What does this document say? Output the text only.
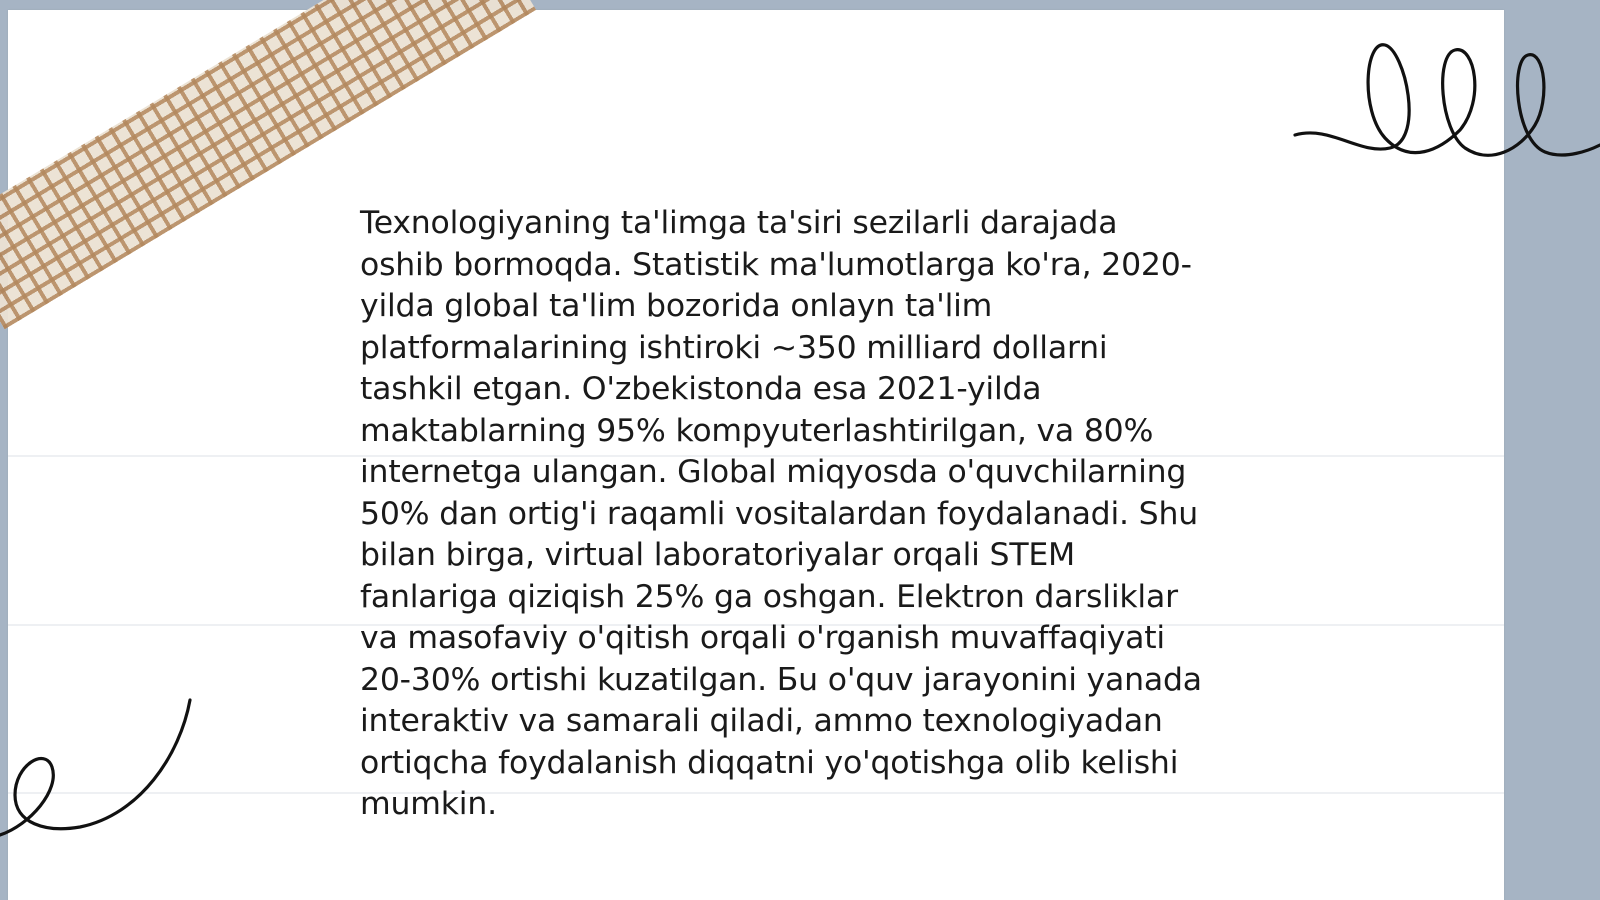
Texnologiyaning ta'limga ta'siri sezilarli darajada
oshib bormoqda. Statistik ma'lumotlarga ko'ra, 2020-
yilda global ta'lim bozorida onlayn ta'lim
platformalarining ishtiroki ~350 milliard dollarni
tashkil etgan. O'zbekistonda esa 2021-yilda
maktablarning 95% kompyuterlashtirilgan, va 80%
internetga ulangan. Global miqyosda o'quvchilarning
50% dan ortig'i raqamli vositalardan foydalanadi. Shu
bilan birga, virtual laboratoriyalar orqali STEM
fanlariga qiziqish 25% ga oshgan. Elektron darsliklar
va masofaviy o'qitish orqali o'rganish muvaffaqiyati
20-30% ortishi kuzatilgan. Бu o'quv jarayonini yanada
interaktiv va samarali qiladi, ammo texnologiyadan
ortiqcha foydalanish diqqatni yo'qotishga olib kelishi
mumkin.
